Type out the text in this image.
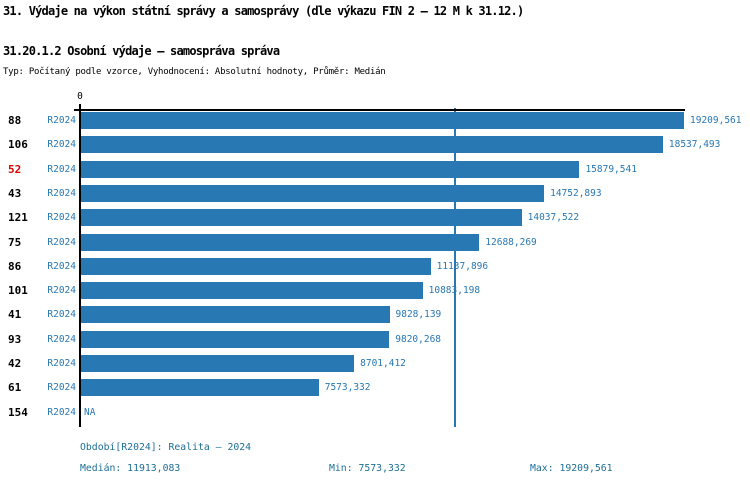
31. Výdaje na výkon státní správy a samosprávy (dle výkazu FIN 2 – 12 M k 31.12.)
31.20.1.2 Osobní výdaje – samospráva správa
Typ: Počítaný podle vzorce, Vyhodnocení: Absolutní hodnoty, Průměr: Medián
0
88	R2024	19209,561
106	R2024	18537,493
52	R2024	15879,541
43	R2024	14752,893
121	R2024	14037,522
75	R2024	12688,269
86	R2024	11137,896
101	R2024	10883,198
41	R2024	9828,139
93	R2024	9820,268
42	R2024	8701,412
61	R2024	7573,332
154	R2024 NA
Období[R2024]: Realita – 2024
Medián: 11913,083	Min: 7573,332	Max: 19209,561
